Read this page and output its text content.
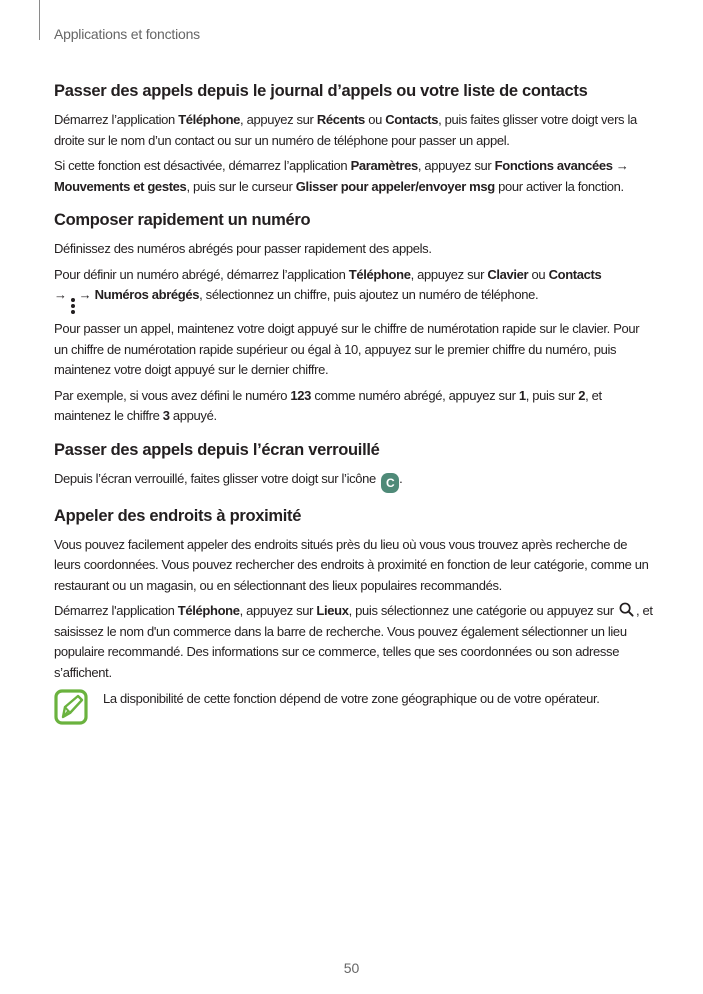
Applications et fonctions
Passer des appels depuis le journal d’appels ou votre liste de contacts

Démarrez l’application Téléphone, appuyez sur Récents ou Contacts, puis faites glisser votre doigt vers la droite sur le nom d’un contact ou sur un numéro de téléphone pour passer un appel.

Si cette fonction est désactivée, démarrez l’application Paramètres, appuyez sur Fonctions avancées → Mouvements et gestes, puis sur le curseur Glisser pour appeler/envoyer msg pour activer la fonction.

Composer rapidement un numéro

Définissez des numéros abrégés pour passer rapidement des appels.

Pour définir un numéro abrégé, démarrez l’application Téléphone, appuyez sur Clavier ou Contacts
→ → Numéros abrégés, sélectionnez un chiffre, puis ajoutez un numéro de téléphone.

Pour passer un appel, maintenez votre doigt appuyé sur le chiffre de numérotation rapide sur le clavier. Pour un chiffre de numérotation rapide supérieur ou égal à 10, appuyez sur le premier chiffre du numéro, puis maintenez votre doigt appuyé sur le dernier chiffre.

Par exemple, si vous avez défini le numéro 123 comme numéro abrégé, appuyez sur 1, puis sur 2, et maintenez le chiffre 3 appuyé.

Passer des appels depuis l’écran verrouillé

Depuis l’écran verrouillé, faites glisser votre doigt sur l’icône C .

Appeler des endroits à proximité

Vous pouvez facilement appeler des endroits situés près du lieu où vous vous trouvez après recherche de leurs coordonnées. Vous pouvez rechercher des endroits à proximité en fonction de leur catégorie, comme un restaurant ou un magasin, ou en sélectionnant des lieux populaires recommandés.

Démarrez l'application Téléphone, appuyez sur Lieux, puis sélectionnez une catégorie ou appuyez sur , et saisissez le nom d'un commerce dans la barre de recherche. Vous pouvez également sélectionner un lieu populaire recommandé. Des informations sur ce commerce, telles que ses coordonnées ou son adresse s’affichent.

La disponibilité de cette fonction dépend de votre zone géographique ou de votre opérateur.

50
